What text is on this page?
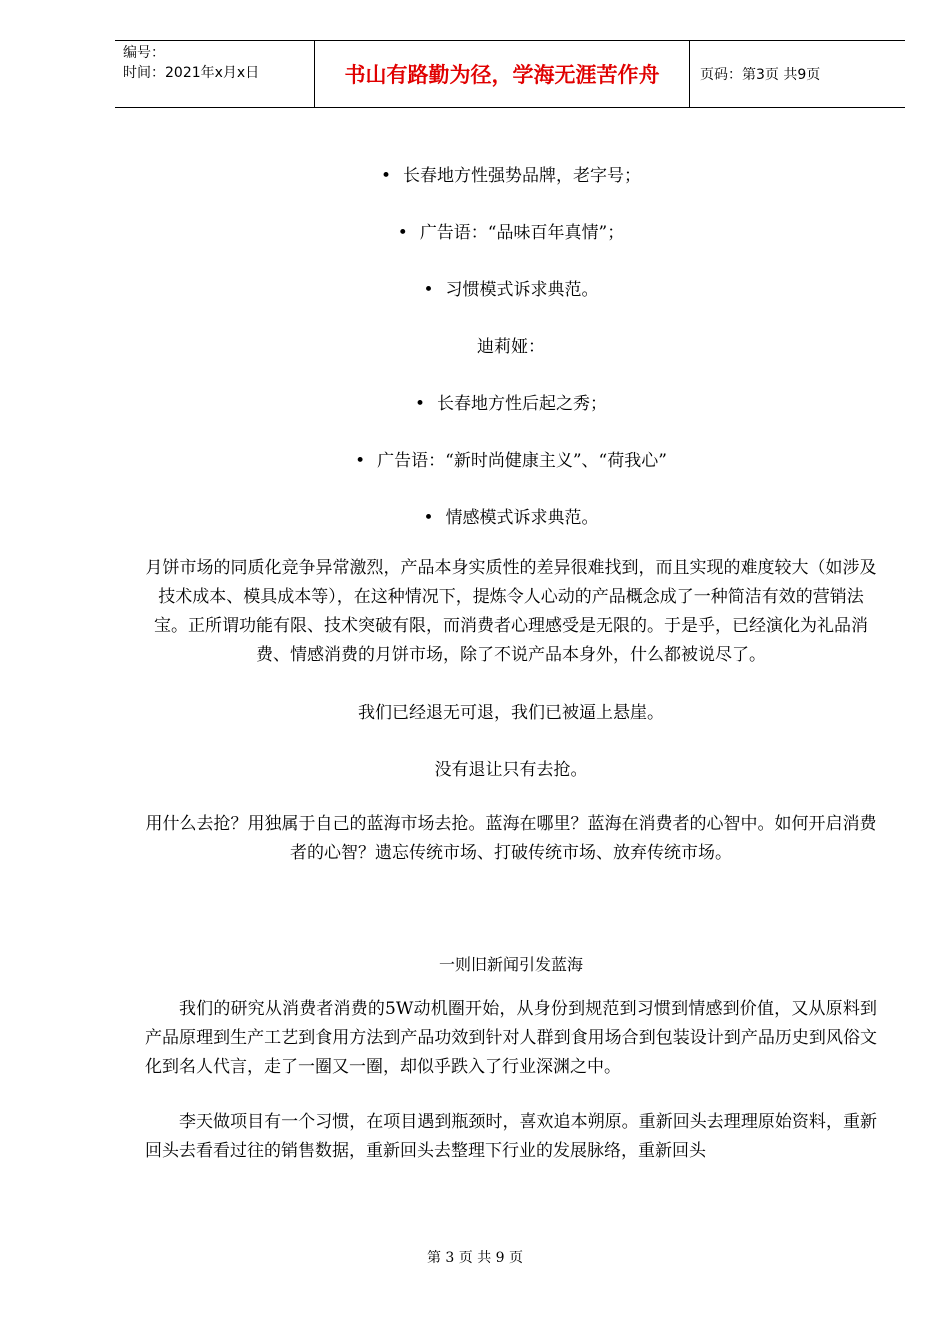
编号：
时间：2021年x月x日	书山有路勤为径，学海无涯苦作舟	页码：第3页 共9页

• 长春地方性强势品牌，老字号；

• 广告语：“品味百年真情”；

• 习惯模式诉求典范。

迪莉娅：

• 长春地方性后起之秀；

• 广告语：“新时尚健康主义”、“荷我心”

• 情感模式诉求典范。

月饼市场的同质化竞争异常激烈，产品本身实质性的差异很难找到，而且实现的难度较大（如涉及技术成本、模具成本等），在这种情况下，提炼令人心动的产品概念成了一种简洁有效的营销法宝。正所谓功能有限、技术突破有限，而消费者心理感受是无限的。于是乎，已经演化为礼品消费、情感消费的月饼市场，除了不说产品本身外，什么都被说尽了。

我们已经退无可退，我们已被逼上悬崖。

没有退让只有去抢。

用什么去抢？用独属于自己的蓝海市场去抢。蓝海在哪里？蓝海在消费者的心智中。如何开启消费者的心智？遗忘传统市场、打破传统市场、放弃传统市场。

一则旧新闻引发蓝海

我们的研究从消费者消费的5W动机圈开始，从身份到规范到习惯到情感到价值，又从原料到产品原理到生产工艺到食用方法到产品功效到针对人群到食用场合到包装设计到产品历史到风俗文化到名人代言，走了一圈又一圈，却似乎跌入了行业深渊之中。

李天做项目有一个习惯，在项目遇到瓶颈时，喜欢追本朔原。重新回头去理理原始资料，重新回头去看看过往的销售数据，重新回头去整理下行业的发展脉络，重新回头

第 3 页 共 9 页
